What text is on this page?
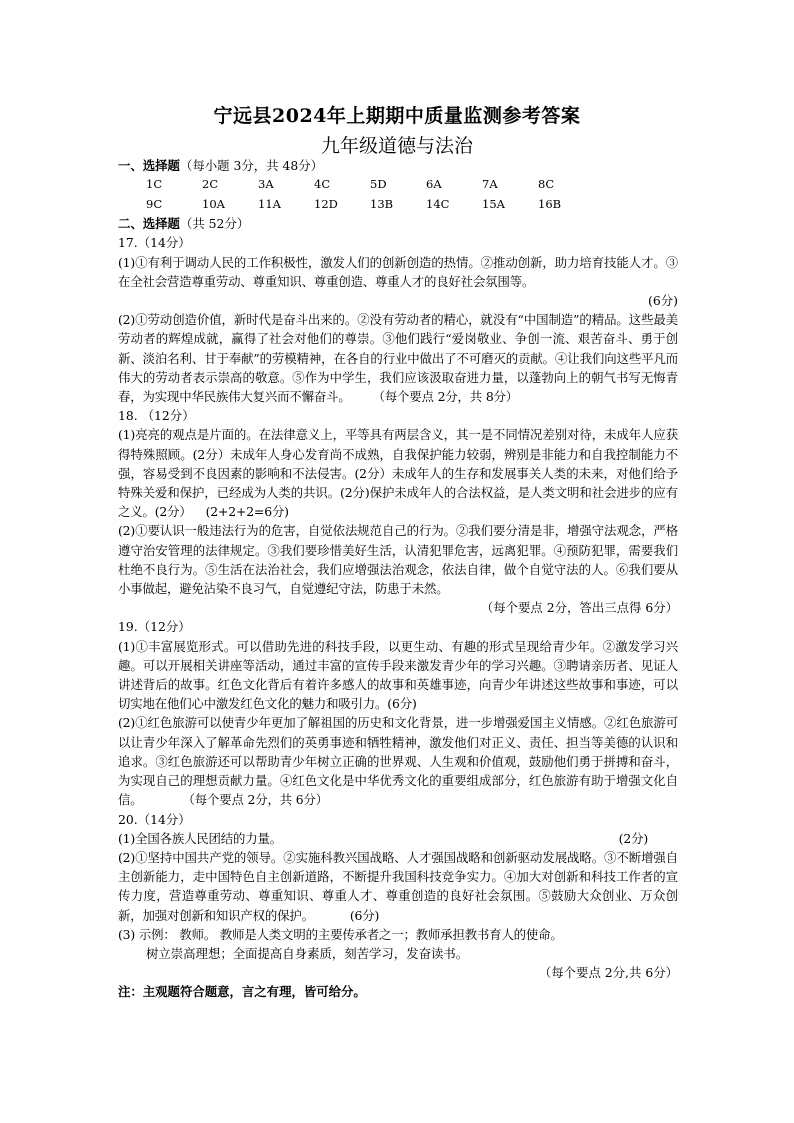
宁远县2024年上期期中质量监测参考答案
九年级道德与法治

一、选择题（每小题 3分，共 48分）

1C	2C	3A	4C	5D	6A	7A	8C
9C	10A	11A	12D	13B	14C	15A	16B

二、选择题（共 52分）

17.（14分）

(1)①有利于调动人民的工作积极性，激发人们的创新创造的热情。②推动创新，助力培育技能人才。③在全社会营造尊重劳动、尊重知识、尊重创造、尊重人才的良好社会氛围等。

(6分)

(2)①劳动创造价值，新时代是奋斗出来的。②没有劳动者的精心，就没有“中国制造”的精品。这些最美劳动者的辉煌成就，赢得了社会对他们的尊崇。③他们践行“爱岗敬业、争创一流、艰苦奋斗、勇于创新、淡泊名利、甘于奉献”的劳模精神，在各自的行业中做出了不可磨灭的贡献。④让我们向这些平凡而伟大的劳动者表示崇高的敬意。⑤作为中学生，我们应该汲取奋进力量，以蓬勃向上的朝气书写无悔青春，为实现中华民族伟大复兴而不懈奋斗。 （每个要点 2分，共 8分）

18. （12分）

(1)亮亮的观点是片面的。在法律意义上，平等具有两层含义，其一是不同情况差别对待，未成年人应获得特殊照顾。(2分）未成年人身心发育尚不成熟，自我保护能力较弱，辨别是非能力和自我控制能力不强，容易受到不良因素的影响和不法侵害。(2分）未成年人的生存和发展事关人类的未来，对他们给予特殊关爱和保护，已经成为人类的共识。(2分)保护未成年人的合法权益，是人类文明和社会进步的应有之义。(2分） (2+2+2=6分)

(2)①要认识一般违法行为的危害，自觉依法规范自己的行为。②我们要分清是非，增强守法观念，严格遵守治安管理的法律规定。③我们要珍惜美好生活，认清犯罪危害，远离犯罪。④预防犯罪，需要我们杜绝不良行为。⑤生活在法治社会，我们应增强法治观念，依法自律，做个自觉守法的人。⑥我们要从小事做起，避免沾染不良习气，自觉遵纪守法，防患于未然。

（每个要点 2分，答出三点得 6分）

19.（12分）

(1)①丰富展览形式。可以借助先进的科技手段，以更生动、有趣的形式呈现给青少年。②激发学习兴趣。可以开展相关讲座等活动，通过丰富的宣传手段来激发青少年的学习兴趣。③聘请亲历者、见证人讲述背后的故事。红色文化背后有着许多感人的故事和英雄事迹，向青少年讲述这些故事和事迹，可以切实地在他们心中激发红色文化的魅力和吸引力。(6分)

(2)①红色旅游可以使青少年更加了解祖国的历史和文化背景，进一步增强爱国主义情感。②红色旅游可以让青少年深入了解革命先烈们的英勇事迹和牺牲精神，激发他们对正义、责任、担当等美德的认识和追求。③红色旅游还可以帮助青少年树立正确的世界观、人生观和价值观，鼓励他们勇于拼搏和奋斗，为实现自己的理想贡献力量。④红色文化是中华优秀文化的重要组成部分，红色旅游有助于增强文化自信。	（每个要点 2分，共 6分）

20.（14分）

(1)全国各族人民团结的力量。	(2分)

(2)①坚持中国共产党的领导。②实施科教兴国战略、人才强国战略和创新驱动发展战略。③不断增强自主创新能力，走中国特色自主创新道路，不断提升我国科技竞争实力。④加大对创新和科技工作者的宣传力度，营造尊重劳动、尊重知识、尊重人才、尊重创造的良好社会氛围。⑤鼓励大众创业、万众创新，加强对创新和知识产权的保护。	(6分)

(3) 示例： 教师。 教师是人类文明的主要传承者之一；教师承担教书育人的使命。

树立崇高理想；全面提高自身素质，刻苦学习，发奋读书。

（每个要点 2分,共 6分）

注：主观题符合题意，言之有理，皆可给分。
